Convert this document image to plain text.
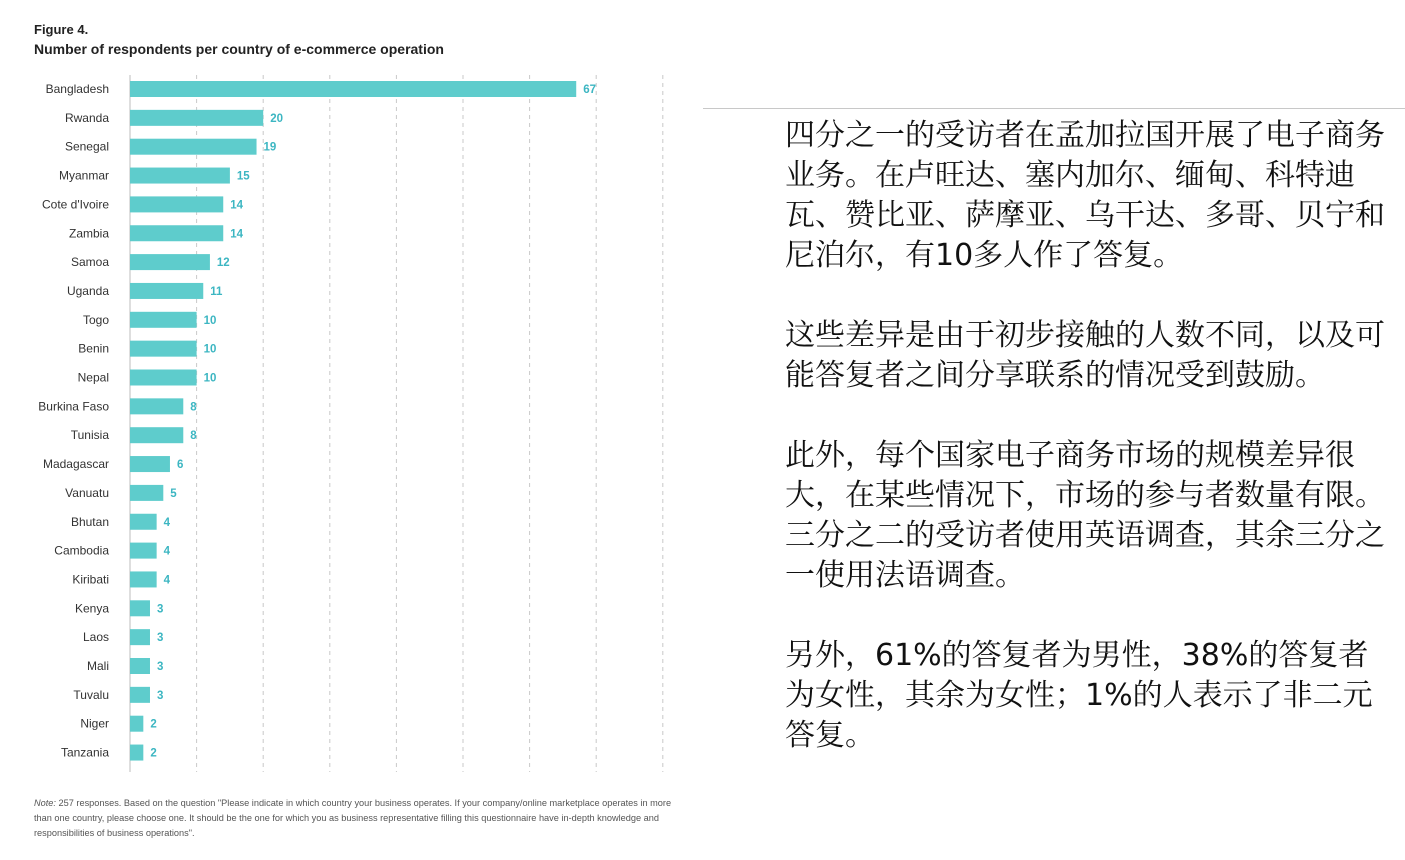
Figure 4.
Number of respondents per country of e-commerce operation
Bangladesh	67
Rwanda	20
Senegal	19
Myanmar	15
Cote d'Ivoire	14
Zambia	14
Samoa	12
Uganda	11
Togo	10
Benin	10
Nepal	10
Burkina Faso	8
Tunisia	8
Madagascar	6
Vanuatu	5
Bhutan	4
Cambodia	4
Kiribati	4
Kenya	3
Laos	3
Mali	3
Tuvalu	3
Niger	2
Tanzania	2
Note: 257 responses. Based on the question "Please indicate in which country your business operates. If your company/online marketplace operates in more than one country, please choose one. It should be the one for which you as business representative filling this questionnaire have in-depth knowledge and responsibilities of business operations".

四分之一的受访者在孟加拉国开展了电子商务业务。在卢旺达、塞内加尔、缅甸、科特迪瓦、赞比亚、萨摩亚、乌干达、多哥、贝宁和尼泊尔，有10多人作了答复。

这些差异是由于初步接触的人数不同，以及可能答复者之间分享联系的情况受到鼓励。

此外，每个国家电子商务市场的规模差异很大，在某些情况下，市场的参与者数量有限。三分之二的受访者使用英语调查，其余三分之一使用法语调查。

另外，61%的答复者为男性，38%的答复者为女性，其余为女性；1%的人表示了非二元答复。
